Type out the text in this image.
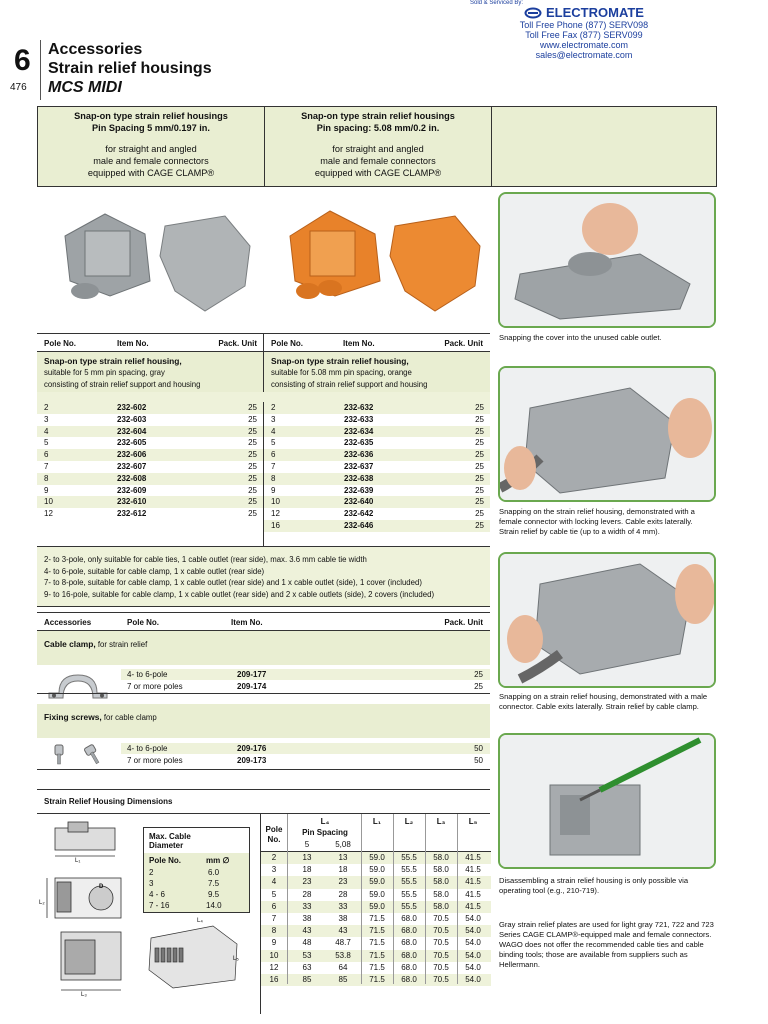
6
476
Accessories
Strain relief housings
MCS MIDI
Sold & Serviced By:
ELECTROMATE
Toll Free Phone (877) SERV098
Toll Free Fax (877) SERV099
www.electromate.com
sales@electromate.com
Snap-on type strain relief housings
Pin Spacing 5 mm/0.197 in.
for straight and angled
male and female connectors
equipped with CAGE CLAMP®
Snap-on type strain relief housings
Pin spacing: 5.08 mm/0.2 in.
for straight and angled
male and female connectors
equipped with CAGE CLAMP®
Pole No.	Item No.	Pack. Unit Pole No.	Item No.	Pack. Unit
Snap-on type strain relief housing,
suitable for 5 mm pin spacing, gray
consisting of strain relief support and housing
Snap-on type strain relief housing,
suitable for 5.08 mm pin spacing, orange
consisting of strain relief support and housing
2	232-602	25
3	232-603	25
4	232-604	25
5	232-605	25
6	232-606	25
7	232-607	25
8	232-608	25
9	232-609	25
10	232-610	25
12	232-612	25
2	232-632	25
3	232-633	25
4	232-634	25
5	232-635	25
6	232-636	25
7	232-637	25
8	232-638	25
9	232-639	25
10	232-640	25
12	232-642	25
16	232-646	25
2- to 3-pole, only suitable for cable ties, 1 cable outlet (rear side), max. 3.6 mm cable tie width
4- to 6-pole, suitable for cable clamp, 1 x cable outlet (rear side)
7- to 8-pole, suitable for cable clamp, 1 x cable outlet (rear side) and 1 x cable outlet (side), 1 cover (included)
9- to 16-pole, suitable for cable clamp, 1 x cable outlet (rear side) and 2 x cable outlets (side), 2 covers (included)
Accessories	Pole No.	Item No.	Pack. Unit
Cable clamp, for strain relief
4- to 6-pole	209-177	25
7 or more poles	209-174	25
Fixing screws, for cable clamp
4- to 6-pole	209-176	50
7 or more poles	209-173	50
Strain Relief Housing Dimensions
L₁
D
L₂
L₃
L₄
L₅
Max. Cable
Diameter
Pole No.	mm ∅
2	6.0
3	7.5
4 - 6	9.5
7 - 16	14.0
Pole
No.
L₄
Pin Spacing
5	5,08
L₁	L₂	L₃	L₅
2	13	13	59.0	55.5	58.0	41.5
3	18	18	59.0	55.5	58.0	41.5
4	23	23	59.0	55.5	58.0	41.5
5	28	28	59.0	55.5	58.0	41.5
6	33	33	59.0	55.5	58.0	41.5
7	38	38	71.5	68.0	70.5	54.0
8	43	43	71.5	68.0	70.5	54.0
9	48	48.7	71.5	68.0	70.5	54.0
10	53	53.8	71.5	68.0	70.5	54.0
12	63	64	71.5	68.0	70.5	54.0
16	85	85	71.5	68.0	70.5	54.0
Snapping the cover into the unused cable outlet.
Snapping on the strain relief housing, demonstrated with a female connector with locking levers. Cable exits laterally. Strain relief by cable tie (up to a width of 4 mm).
Snapping on a strain relief housing, demonstrated with a male connector. Cable exits laterally. Strain relief by cable clamp.
Disassembling a strain relief housing is only possible via operating tool (e.g., 210-719).
Gray strain relief plates are used for light gray 721, 722 and 723 Series CAGE CLAMP®-equipped male and female connectors.
WAGO does not offer the recommended cable ties and cable binding tools; those are available from suppliers such as Hellermann.
